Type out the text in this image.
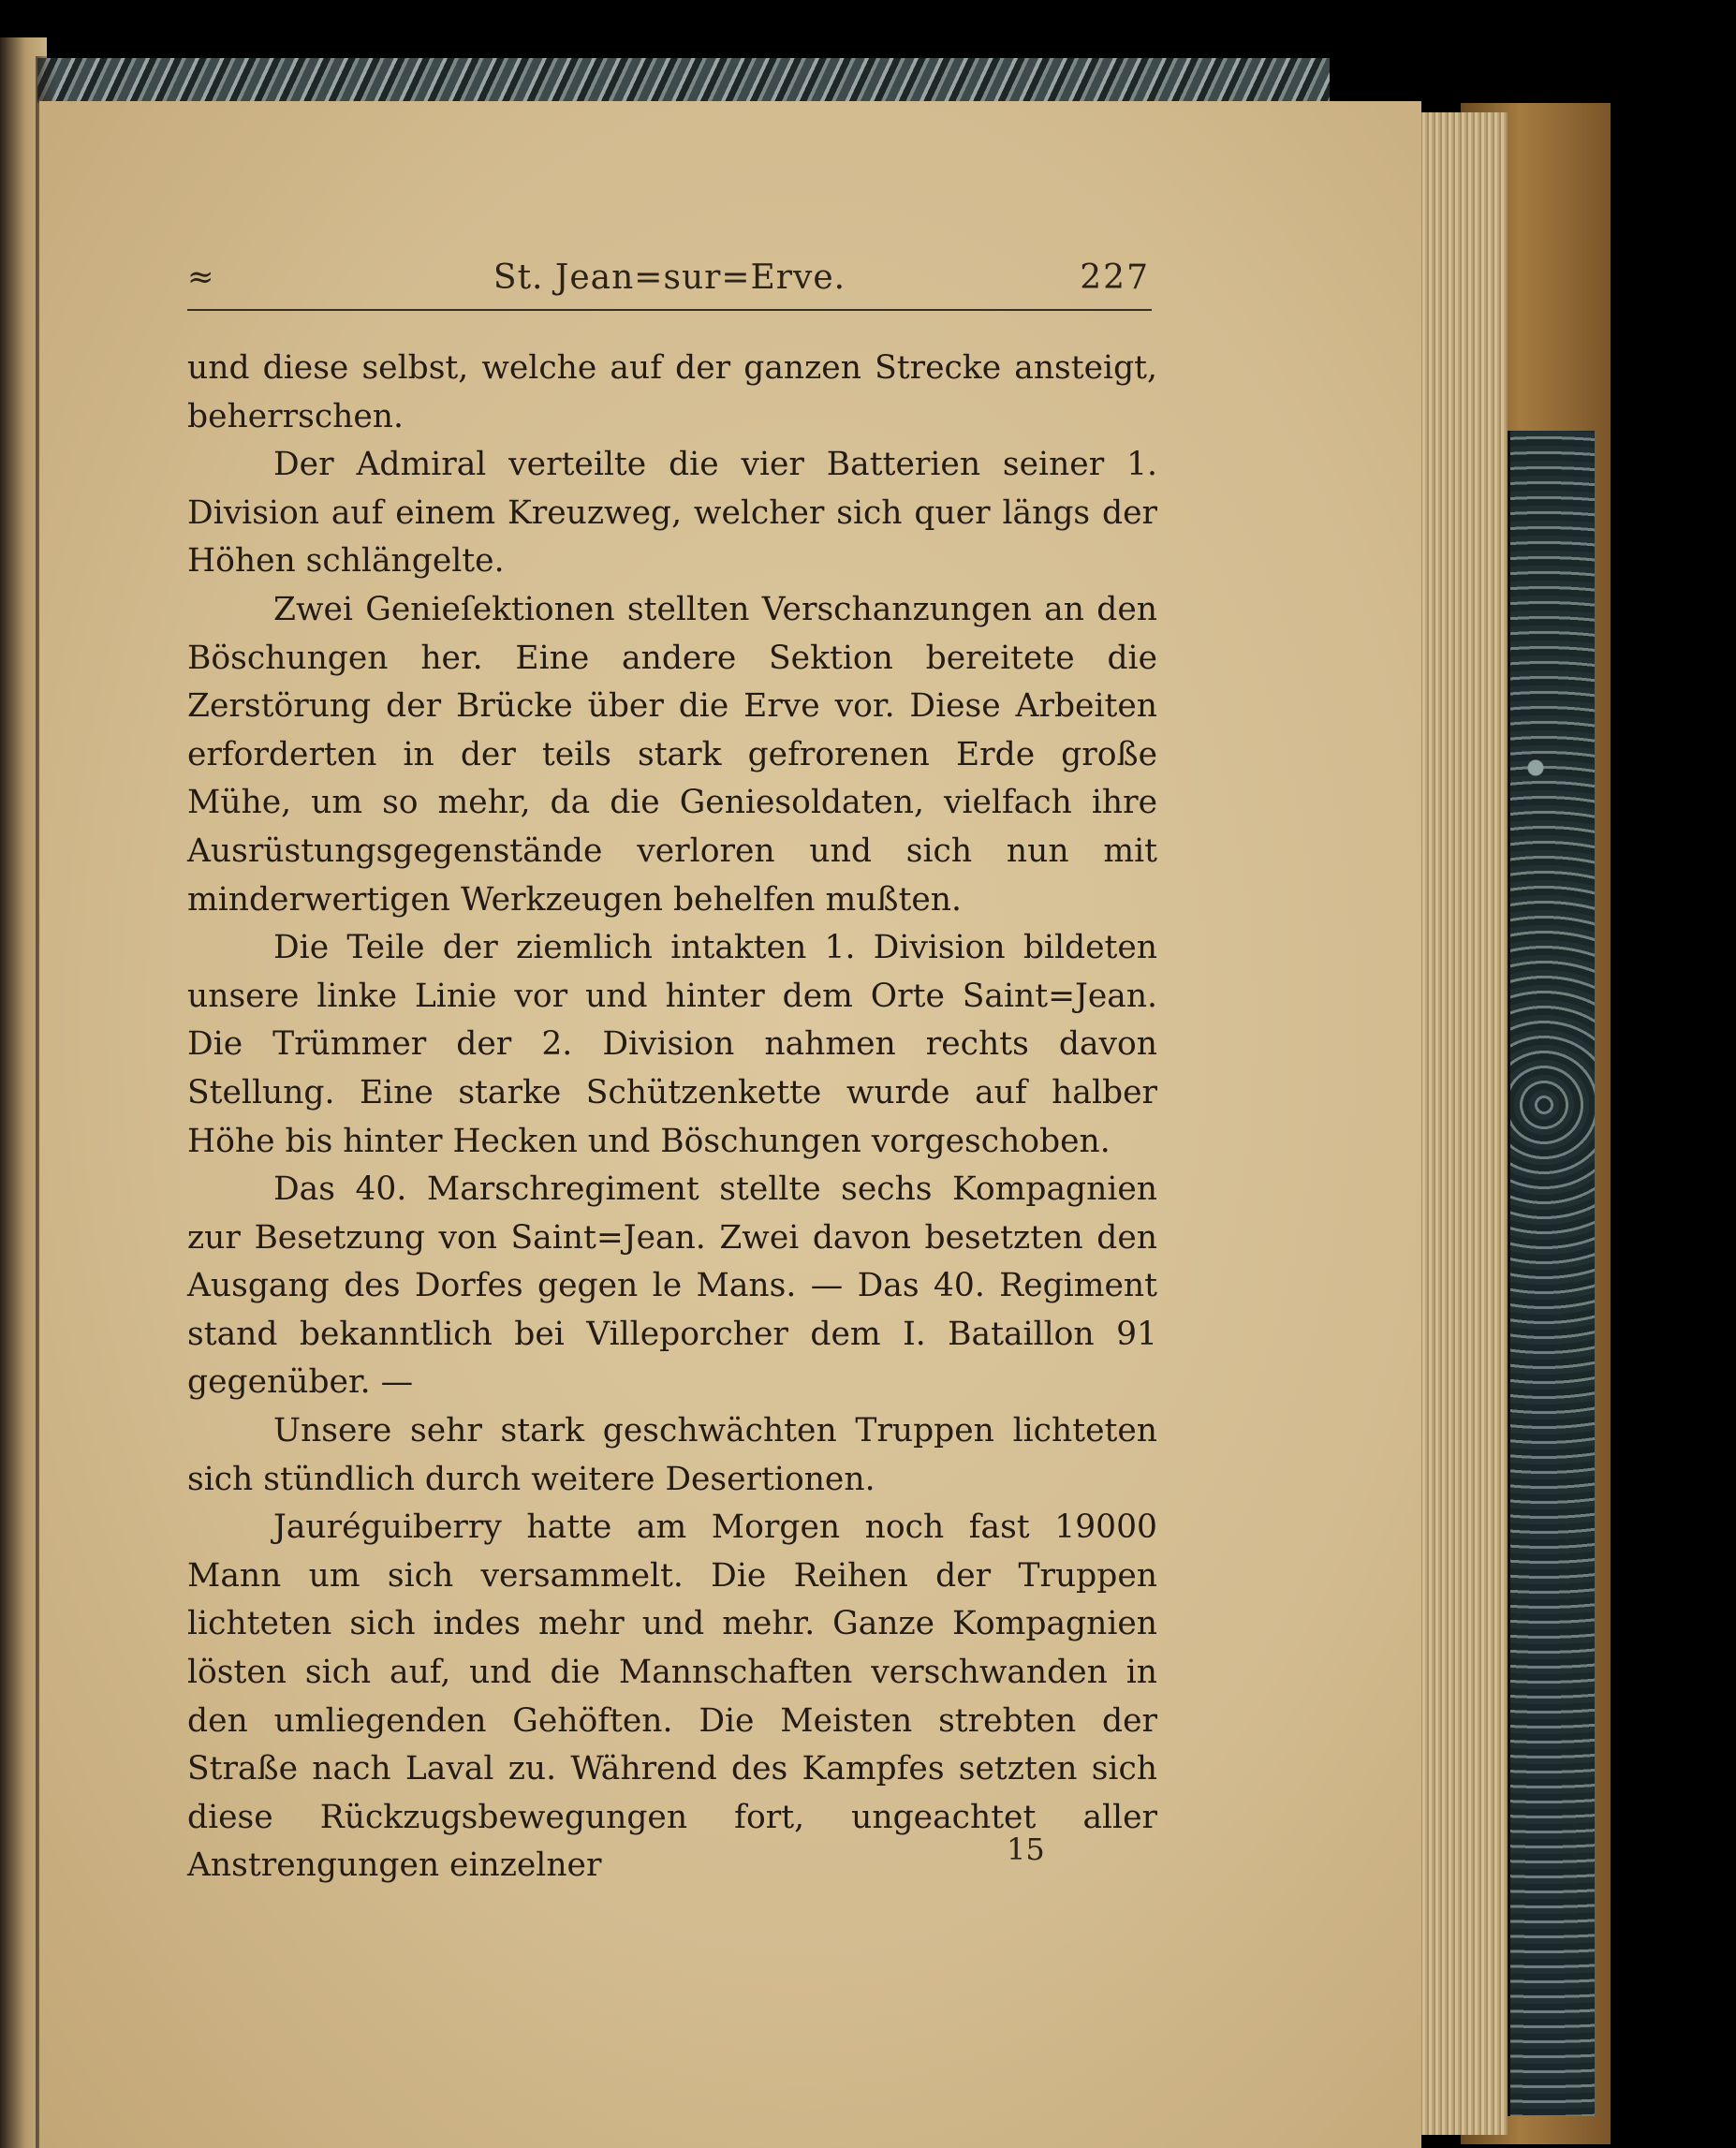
≈	St. Jean=sur=Erve.	227

und diese selbst, welche auf der ganzen Strecke ansteigt, beherrschen.

Der Admiral verteilte die vier Batterien seiner 1. Division auf einem Kreuzweg, welcher sich quer längs der Höhen schlängelte.

Zwei Genieſektionen stellten Verschanzungen an den Böschungen her. Eine andere Sektion bereitete die Zerstörung der Brücke über die Erve vor. Diese Arbeiten erforderten in der teils stark gefrorenen Erde große Mühe, um so mehr, da die Geniesoldaten, vielfach ihre Ausrüstungsgegenstände verloren und sich nun mit minderwertigen Werkzeugen behelfen mußten.

Die Teile der ziemlich intakten 1. Division bildeten unsere linke Linie vor und hinter dem Orte Saint=Jean. Die Trümmer der 2. Division nahmen rechts davon Stellung. Eine starke Schützenkette wurde auf halber Höhe bis hinter Hecken und Böschungen vorgeschoben.

Das 40. Marschregiment stellte sechs Kompagnien zur Besetzung von Saint=Jean. Zwei davon besetzten den Ausgang des Dorfes gegen le Mans. — Das 40. Regiment stand bekanntlich bei Villeporcher dem I. Bataillon 91 gegenüber. —

Unsere sehr stark geschwächten Truppen lichteten sich stündlich durch weitere Desertionen.

Jauréguiberry hatte am Morgen noch fast 19000 Mann um sich versammelt. Die Reihen der Truppen lichteten sich indes mehr und mehr. Ganze Kompagnien lösten sich auf, und die Mannschaften verschwanden in den umliegenden Gehöften. Die Meisten strebten der Straße nach Laval zu. Während des Kampfes setzten sich diese Rückzugsbewegungen fort, ungeachtet aller Anstrengungen einzelner	15
